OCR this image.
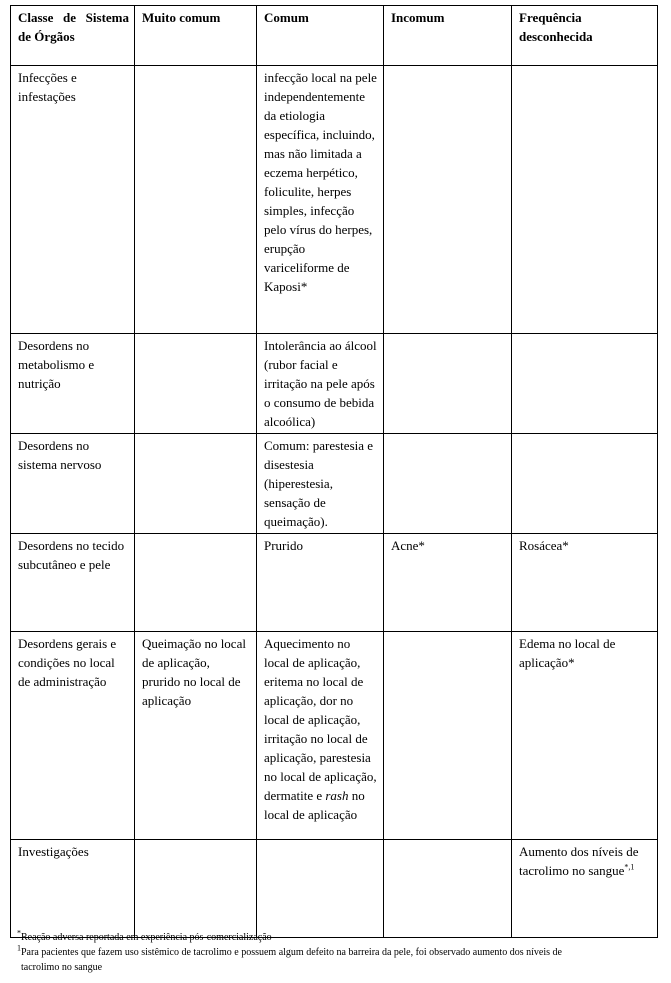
Classe de Sistema de Órgãos	Muito comum	Comum	Incomum	Frequência desconhecida
Infecções e infestações		infecção local na pele independentemente da etiologia específica, incluindo, mas não limitada a eczema herpético, foliculite, herpes simples, infecção pelo vírus do herpes, erupção variceliforme de Kaposi*		
Desordens no metabolismo e nutrição		Intolerância ao álcool (rubor facial e irritação na pele após o consumo de bebida alcoólica)		
Desordens no sistema nervoso		Comum: parestesia e disestesia (hiperestesia, sensação de queimação).		
Desordens no tecido subcutâneo e pele		Prurido	Acne*	Rosácea*
Desordens gerais e condições no local de administração	Queimação no local de aplicação, prurido no local de aplicação	Aquecimento no local de aplicação, eritema no local de aplicação, dor no local de aplicação, irritação no local de aplicação, parestesia no local de aplicação, dermatite e rash no local de aplicação		Edema no local de aplicação*
Investigações				Aumento dos níveis de tacrolimo no sangue$^{*,1}$

*Reação adversa reportada em experiência pós-comercialização

$^1$Para pacientes que fazem uso sistêmico de tacrolimo e possuem algum defeito na barreira da pele, foi observado aumento dos níveis de

tacrolimo no sangue
